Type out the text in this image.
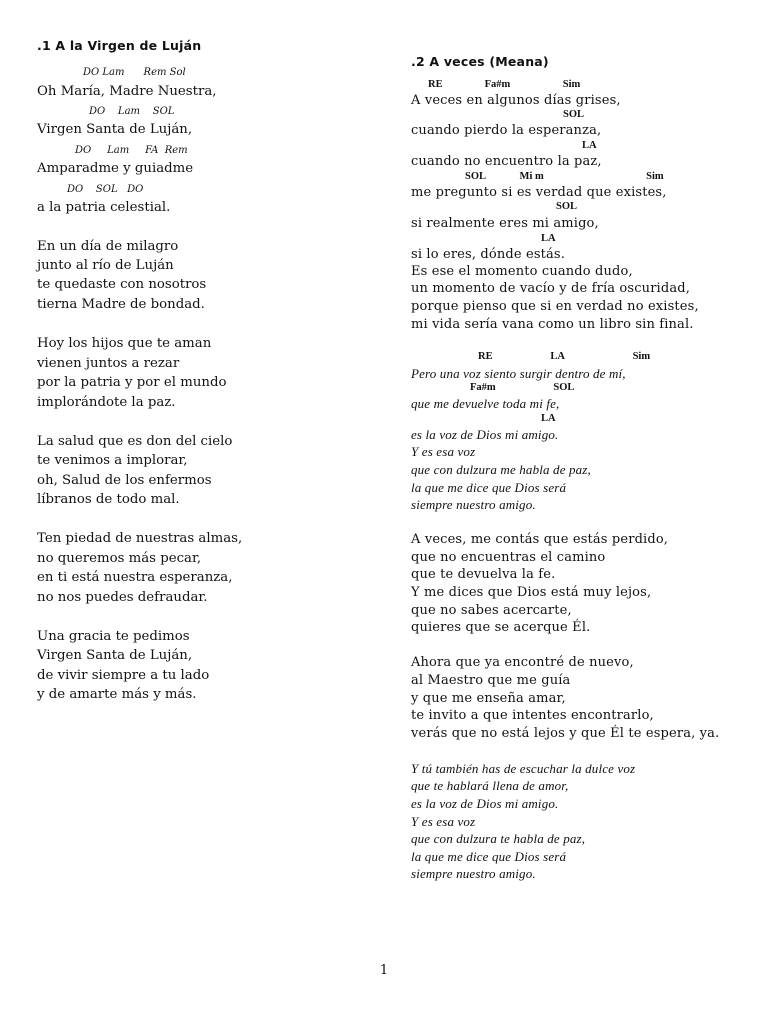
.1 A la Virgen de Luján
DO Lam      Rem Sol
Oh María, Madre Nuestra,
DO    Lam    SOL
Virgen Santa de Luján,
DO     Lam     FA  Rem
Amparadme y guiadme
DO    SOL   DO
a la patria celestial.
En un día de milagro
junto al río de Luján
te quedaste con nosotros
tierna Madre de bondad.
Hoy los hijos que te aman
vienen juntos a rezar
por la patria y por el mundo
implorándote la paz.
La salud que es don del cielo
te venimos a implorar,
oh, Salud de los enfermos
líbranos de todo mal.
Ten piedad de nuestras almas,
no queremos más pecar,
en ti está nuestra esperanza,
no nos puedes defraudar.
Una gracia te pedimos
Virgen Santa de Luján,
de vivir siempre a tu lado
y de amarte más y más.
.2 A veces (Meana)
RE                Fa#m                    Sim
A veces en algunos días grises,
SOL
cuando pierdo la esperanza,
LA
cuando no encuentro la paz,
SOL             Mi m                                       Sim
me pregunto si es verdad que existes,
SOL
si realmente eres mi amigo,
LA
si lo eres, dónde estás.
Es ese el momento cuando dudo,
un momento de vacío y de fría oscuridad,
porque pienso que si en verdad no existes,
mi vida sería vana como un libro sin final.
RE                      LA                          Sim
Pero una voz siento surgir dentro de mí,
Fa#m                      SOL
que me devuelve toda mi fe,
LA
es la voz de Dios mi amigo.
Y es esa voz
que con dulzura me habla de paz,
la que me dice que Dios será
siempre nuestro amigo.
A veces, me contás que estás perdido,
que no encuentras el camino
que te devuelva la fe.
Y me dices que Dios está muy lejos,
que no sabes acercarte,
quieres que se acerque Él.
Ahora que ya encontré de nuevo,
al Maestro que me guía
y que me enseña amar,
te invito a que intentes encontrarlo,
verás que no está lejos y que Él te espera, ya.
Y tú también has de escuchar la dulce voz
que te hablará llena de amor,
es la voz de Dios mi amigo.
Y es esa voz
que con dulzura te habla de paz,
la que me dice que Dios será
siempre nuestro amigo.
1
